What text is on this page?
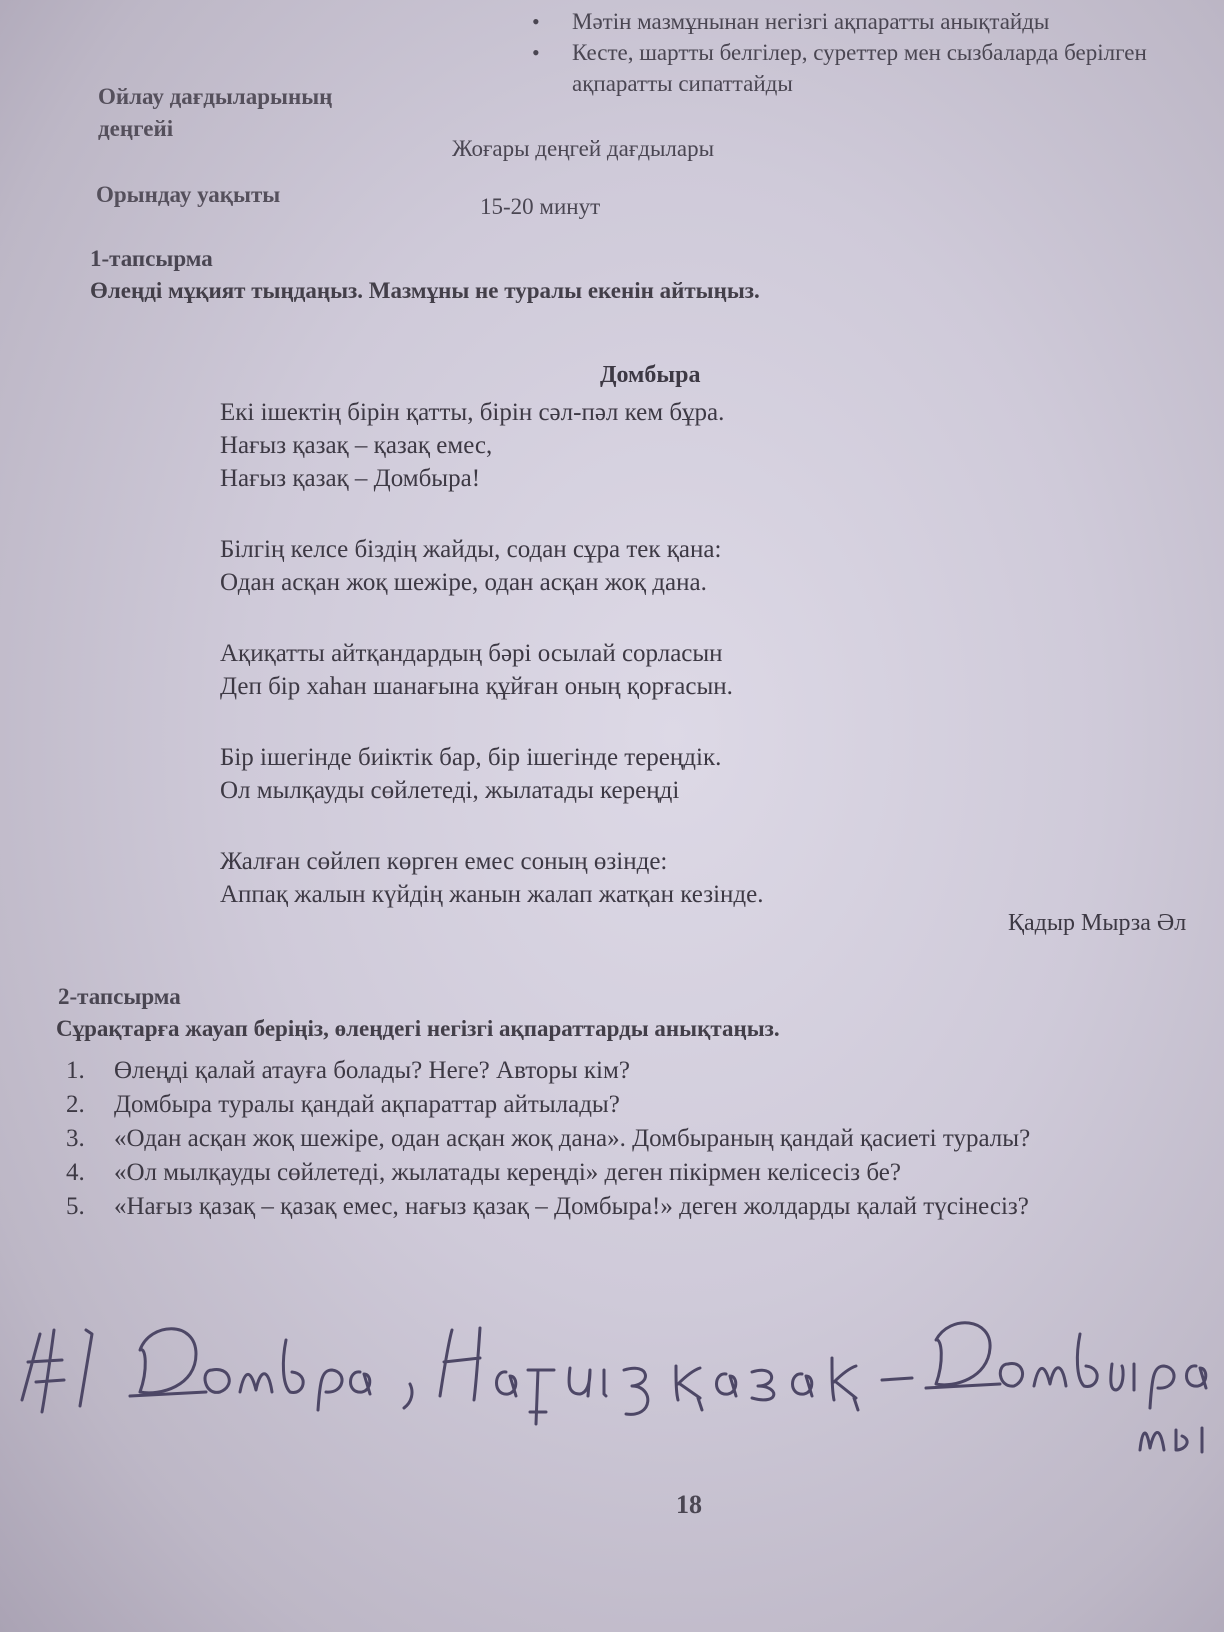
• Мәтін мазмұнынан негізгі ақпаратты анықтайды
• Кесте, шартты белгілер, суреттер мен сызбаларда берілген ақпаратты сипаттайды
Ойлау дағдыларының
деңгейі
Жоғары деңгей дағдылары
Орындау уақыты	15-20 минут
1-тапсырма
Өлеңді мұқият тыңдаңыз. Мазмұны не туралы екенін айтыңыз.
Домбыра
Екі ішектің бірін қатты, бірін сәл-пәл кем бұра.
Нағыз қазақ – қазақ емес,
Нағыз қазақ – Домбыра!
Білгің келсе біздің жайды, содан сұра тек қана:
Одан асқан жоқ шежіре, одан асқан жоқ дана.
Ақиқатты айтқандардың бәрі осылай сорласын
Деп бір хаһан шанағына құйған оның қорғасын.
Бір ішегінде биіктік бар, бір ішегінде тереңдік.
Ол мылқауды сөйлетеді, жылатады кереңді
Жалған сөйлеп көрген емес соның өзінде:
Аппақ жалын күйдің жанын жалап жатқан кезінде.
Қадыр Мырза Әл
2-тапсырма
Сұрақтарға жауап беріңіз, өлеңдегі негізгі ақпараттарды анықтаңыз.
1. Өлеңді қалай атауға болады? Неге? Авторы кім?
2. Домбыра туралы қандай ақпараттар айтылады?
3. «Одан асқан жоқ шежіре, одан асқан жоқ дана». Домбыраның қандай қасиеті туралы?
4. «Ол мылқауды сөйлетеді, жылатады кереңді» деген пікірмен келісесіз бе?
5. «Нағыз қазақ – қазақ емес, нағыз қазақ – Домбыра!» деген жолдарды қалай түсінесіз?
№1 Домбра , Нағыз қазақ - Домбыра . Мы
18
